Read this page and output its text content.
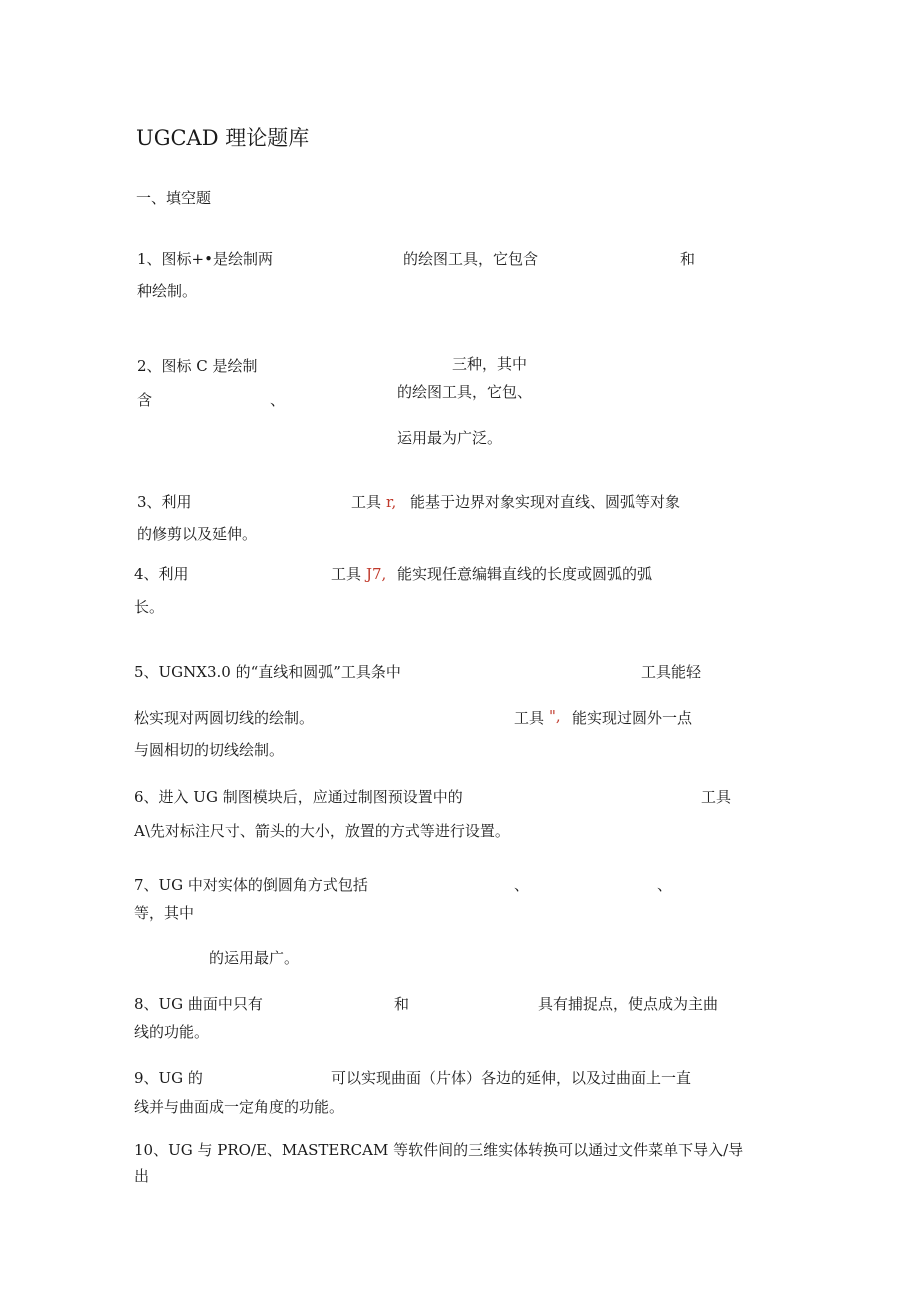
UGCAD 理论题库
一、填空题
1、图标+•是绘制两	的绘图工具，它包含	和
种绘制。
2、图标 C 是绘制	三种，其中
含	、	的绘图工具，它包、
运用最为广泛。
3、利用	工具 r, 能基于边界对象实现对直线、圆弧等对象
的修剪以及延伸。
4、利用	工具 J7, 能实现任意编辑直线的长度或圆弧的弧
长。
5、UGNX3.0 的“直线和圆弧”工具条中	工具能轻
松实现对两圆切线的绘制。	工具 ", 能实现过圆外一点
与圆相切的切线绘制。
6、进入 UG 制图模块后，应通过制图预设置中的	工具
A\先对标注尺寸、箭头的大小，放置的方式等进行设置。
7、UG 中对实体的倒圆角方式包括	、	、
等，其中
的运用最广。
8、UG 曲面中只有	和	具有捕捉点，使点成为主曲
线的功能。
9、UG 的	可以实现曲面（片体）各边的延伸，以及过曲面上一直
线并与曲面成一定角度的功能。
10、UG 与 PRO/E、MASTERCAM 等软件间的三维实体转换可以通过文件菜单下导入/导
出
